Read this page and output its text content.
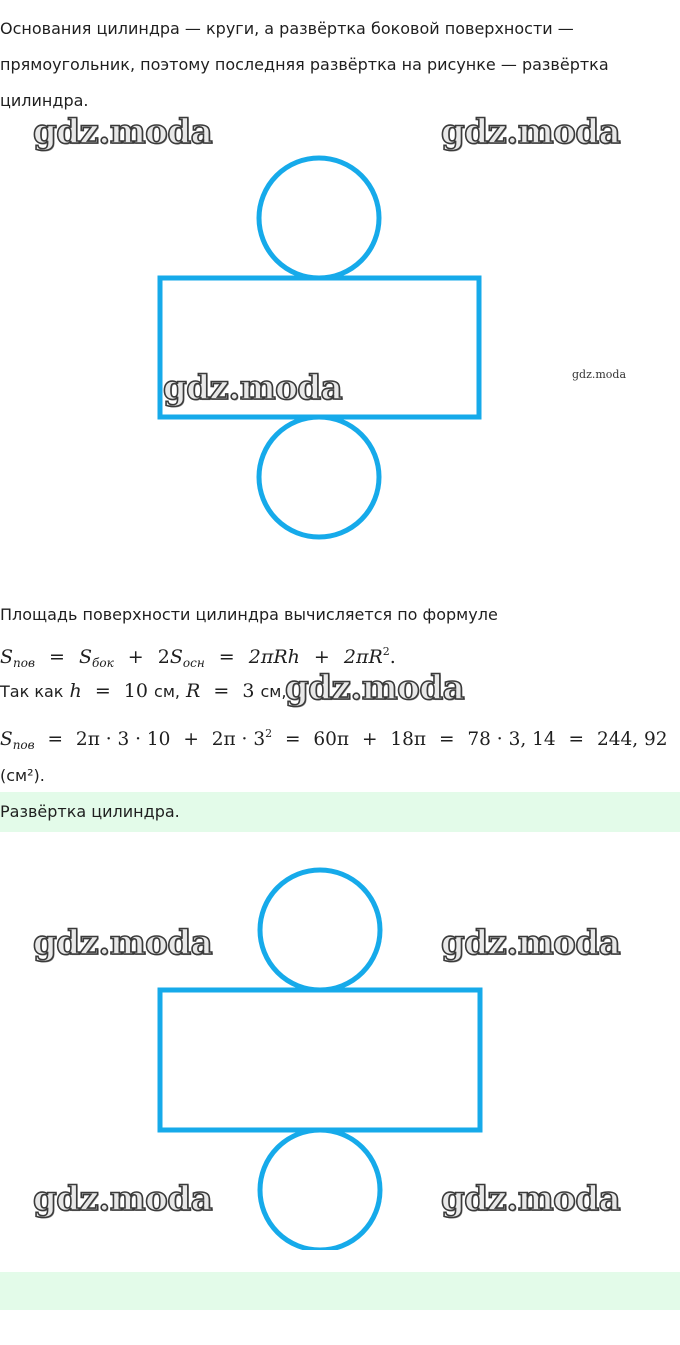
Основания цилиндра — круги, а развёртка боковой поверхности —
прямоугольник, поэтому последняя развёртка на рисунке — развёртка
цилиндра.
gdz.moda	gdz.moda
gdz.moda	gdz.moda
Площадь поверхности цилиндра вычисляется по формуле
$S_{пов} = S_{бок} + 2S_{осн} = 2\pi Rh + 2\pi R^2$.
Так как h = 10 см, R = 3 см,
gdz.moda
$S_{пов} = 2\pi \cdot 3 \cdot 10 + 2\pi \cdot 3^2 = 60\pi + 18\pi = 78 \cdot 3$, 14 = 244, 92
(см²).
Развёртка цилиндра.
gdz.moda	gdz.moda
gdz.moda	gdz.moda
